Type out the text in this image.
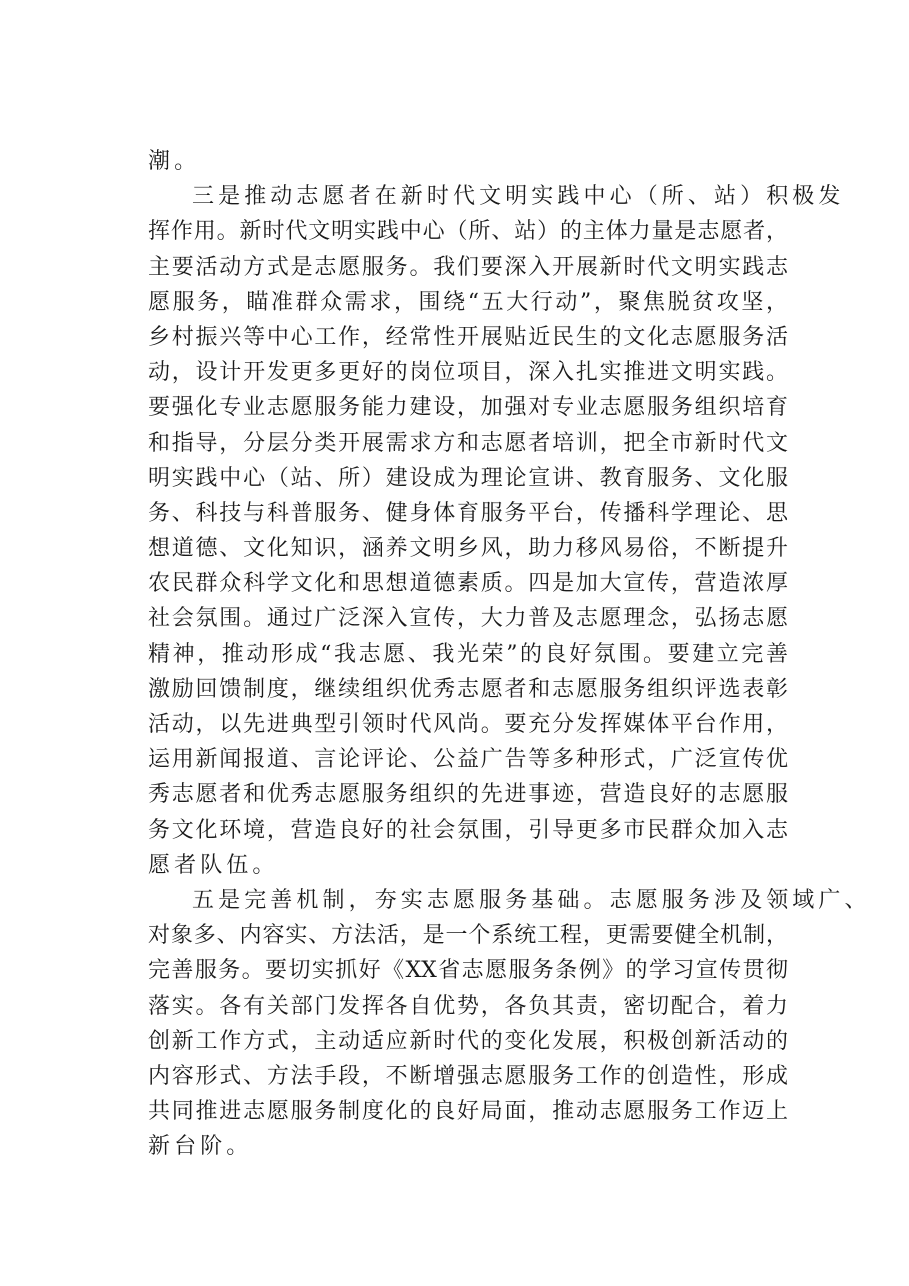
潮。
三是推动志愿者在新时代文明实践中心（所、站）积极发
挥作用。新时代文明实践中心（所、站）的主体力量是志愿者，
主要活动方式是志愿服务。我们要深入开展新时代文明实践志
愿服务，瞄准群众需求，围绕“五大行动”，聚焦脱贫攻坚，
乡村振兴等中心工作，经常性开展贴近民生的文化志愿服务活
动，设计开发更多更好的岗位项目，深入扎实推进文明实践。
要强化专业志愿服务能力建设，加强对专业志愿服务组织培育
和指导，分层分类开展需求方和志愿者培训，把全市新时代文
明实践中心（站、所）建设成为理论宣讲、教育服务、文化服
务、科技与科普服务、健身体育服务平台，传播科学理论、思
想道德、文化知识，涵养文明乡风，助力移风易俗，不断提升
农民群众科学文化和思想道德素质。四是加大宣传，营造浓厚
社会氛围。通过广泛深入宣传，大力普及志愿理念，弘扬志愿
精神，推动形成“我志愿、我光荣”的良好氛围。要建立完善
激励回馈制度，继续组织优秀志愿者和志愿服务组织评选表彰
活动，以先进典型引领时代风尚。要充分发挥媒体平台作用，
运用新闻报道、言论评论、公益广告等多种形式，广泛宣传优
秀志愿者和优秀志愿服务组织的先进事迹，营造良好的志愿服
务文化环境，营造良好的社会氛围，引导更多市民群众加入志
愿者队伍。
五是完善机制，夯实志愿服务基础。志愿服务涉及领域广、
对象多、内容实、方法活，是一个系统工程，更需要健全机制，
完善服务。要切实抓好《XX省志愿服务条例》的学习宣传贯彻
落实。各有关部门发挥各自优势，各负其责，密切配合，着力
创新工作方式，主动适应新时代的变化发展，积极创新活动的
内容形式、方法手段，不断增强志愿服务工作的创造性，形成
共同推进志愿服务制度化的良好局面，推动志愿服务工作迈上
新台阶。
